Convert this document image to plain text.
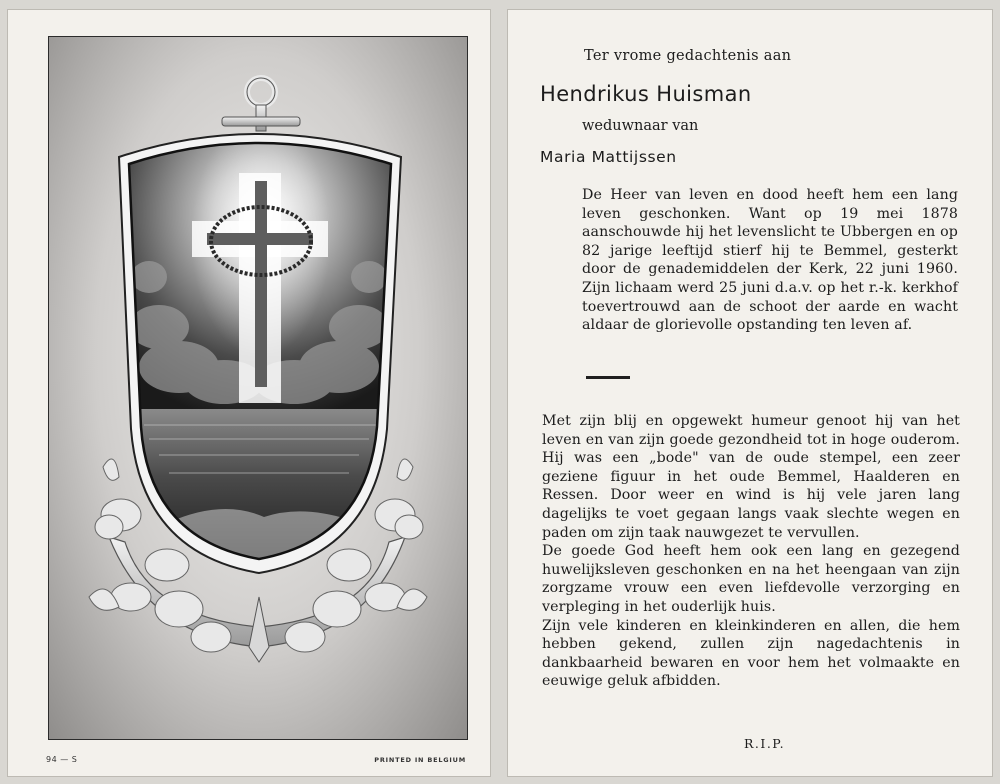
94 — S	PRINTED IN BELGIUM
Ter vrome gedachtenis aan
Hendrikus Huisman
weduwnaar van
Maria Mattijssen

De Heer van leven en dood heeft hem een lang leven geschonken. Want op 19 mei 1878 aanschouwde hij het levenslicht te Ubbergen en op 82 jarige leeftijd stierf hij te Bemmel, gesterkt door de genademiddelen der Kerk, 22 juni 1960. Zijn lichaam werd 25 juni d.a.v. op het r.-k. kerkhof toevertrouwd aan de schoot der aarde en wacht aldaar de glorievolle opstanding ten leven af.

Met zijn blij en opgewekt humeur genoot hij van het leven en van zijn goede gezondheid tot in hoge ouderom. Hij was een „bode" van de oude stempel, een zeer geziene figuur in het oude Bemmel, Haalderen en Ressen. Door weer en wind is hij vele jaren lang dagelijks te voet gegaan langs vaak slechte wegen en paden om zijn taak nauwgezet te vervullen.

De goede God heeft hem ook een lang en gezegend huwelijksleven geschonken en na het heengaan van zijn zorgzame vrouw een even liefdevolle verzorging en verpleging in het ouderlijk huis.

Zijn vele kinderen en kleinkinderen en allen, die hem hebben gekend, zullen zijn nagedachtenis in dankbaarheid bewaren en voor hem het volmaakte en eeuwige geluk afbidden.

R.I.P.
